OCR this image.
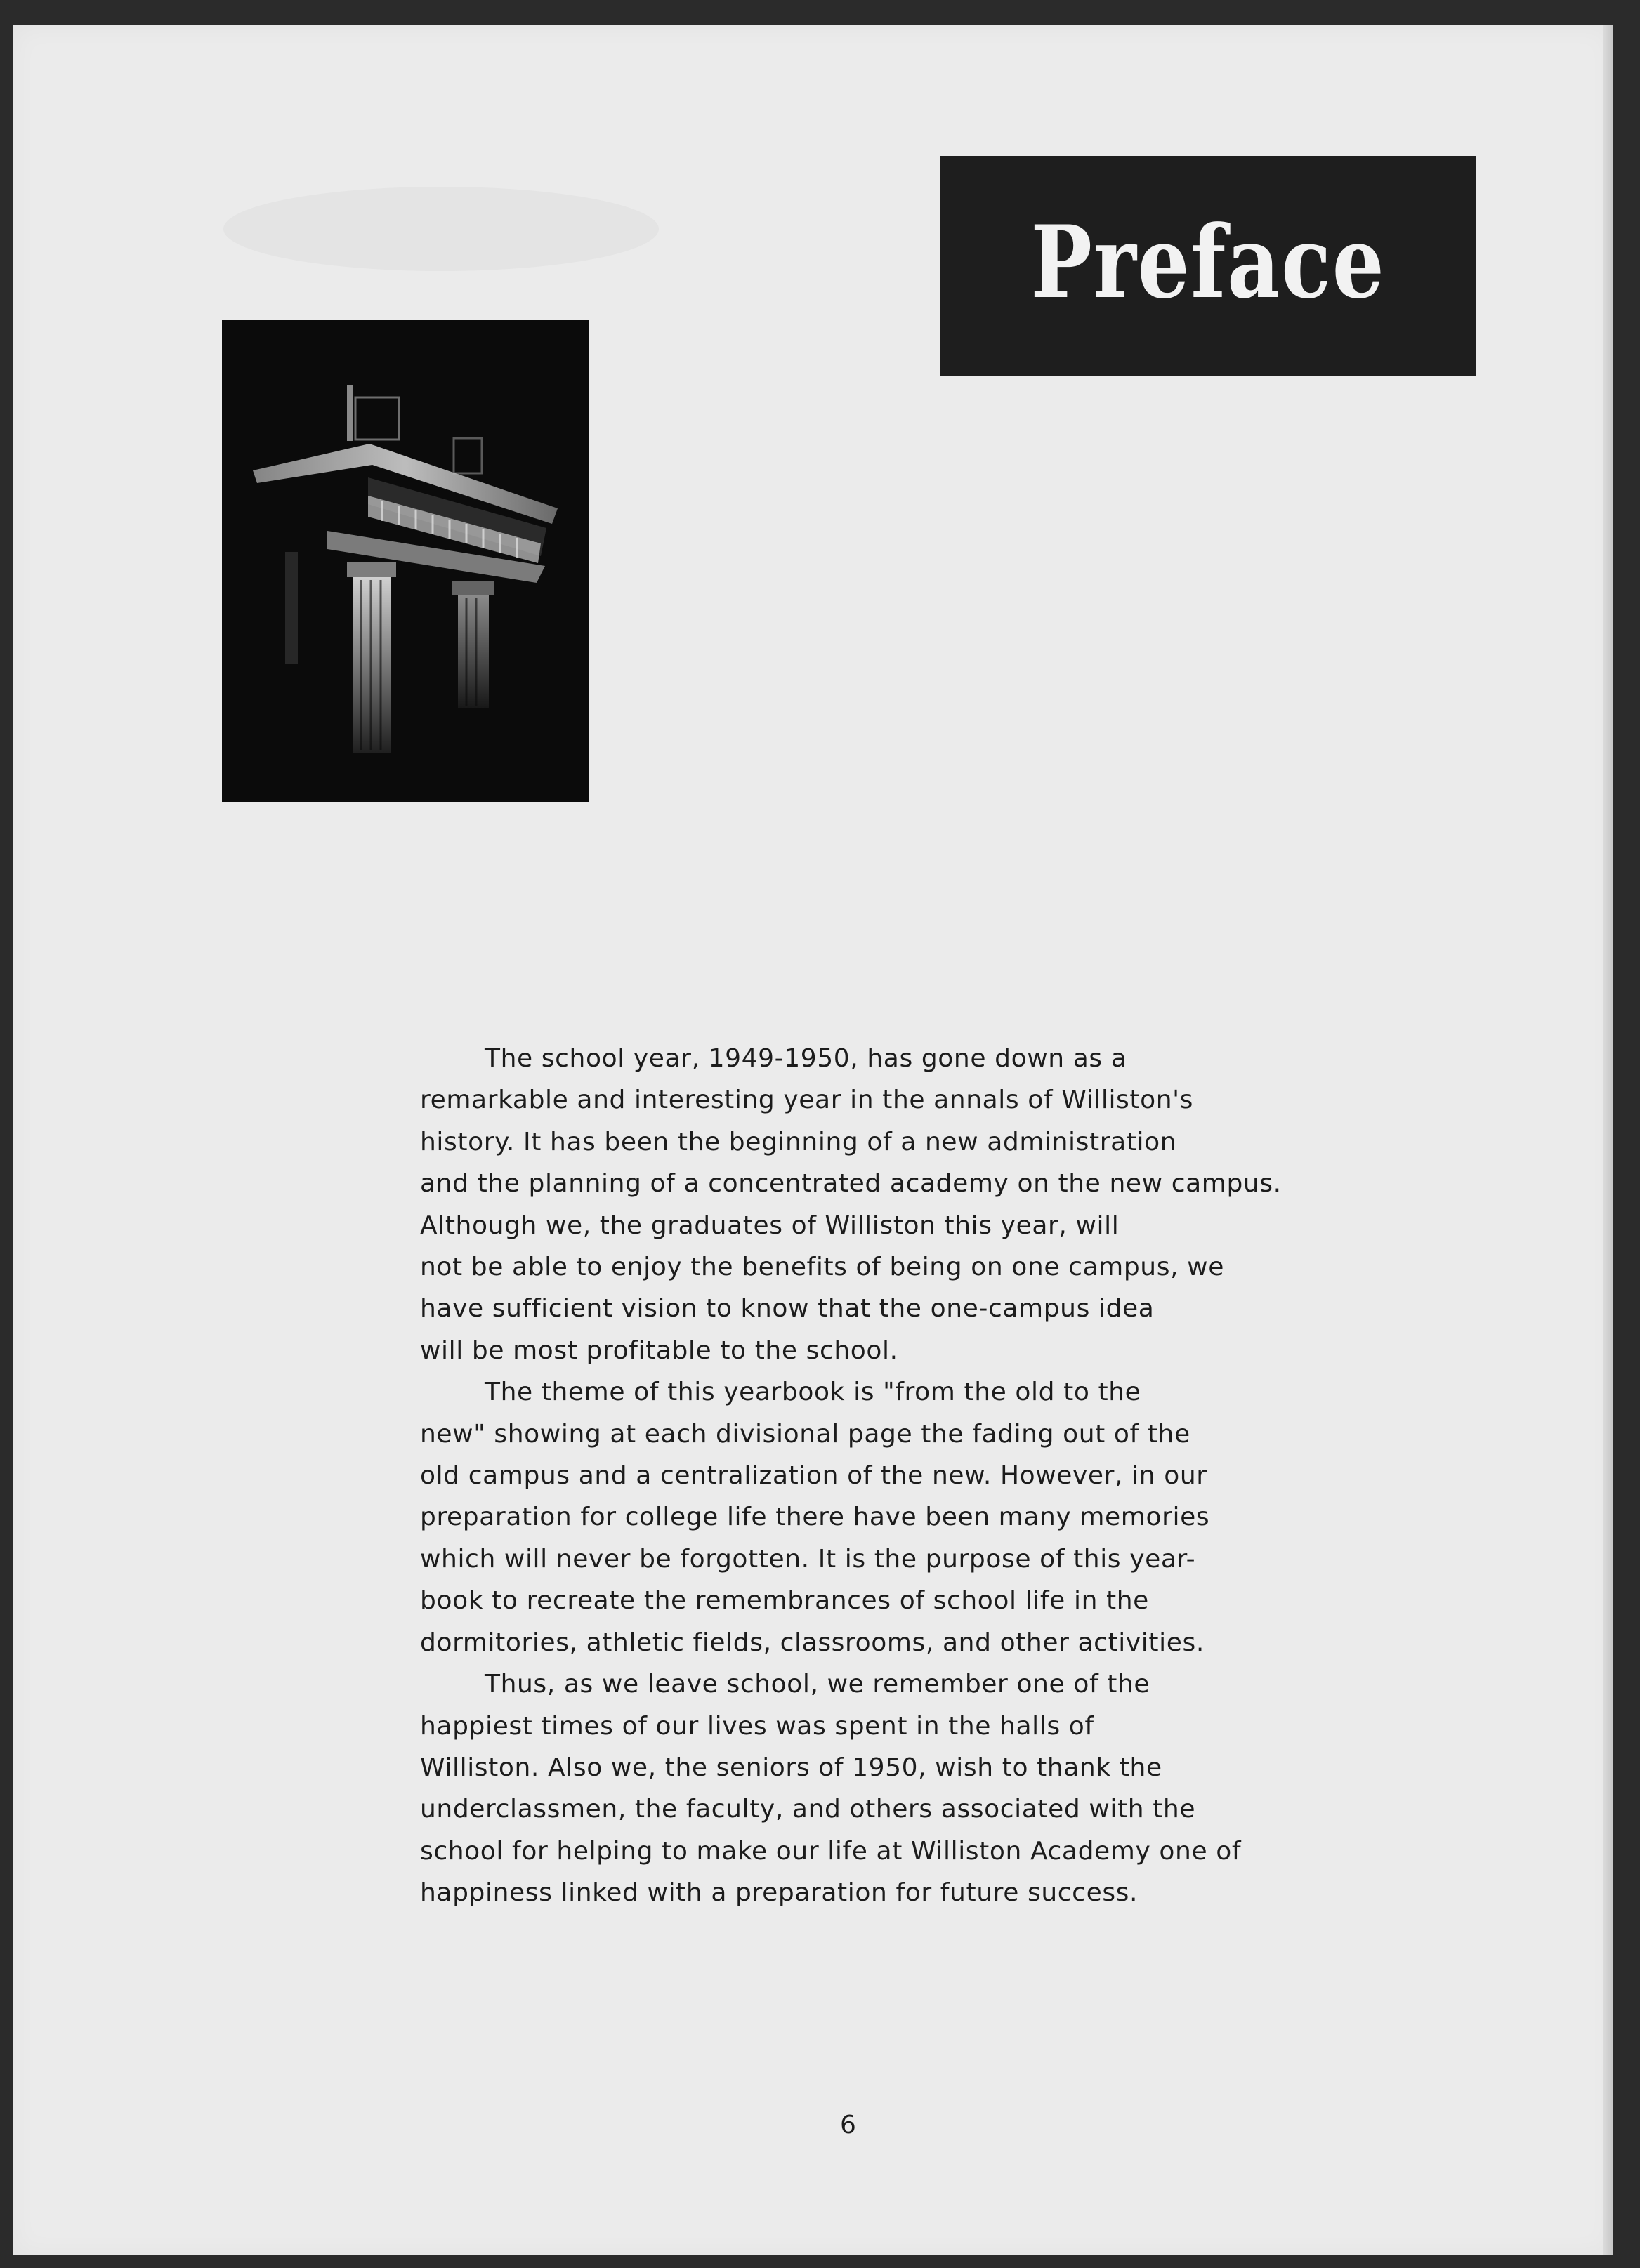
Preface
The school year, 1949-1950, has gone down as a
remarkable and interesting year in the annals of Williston's
history. It has been the beginning of a new administration
and the planning of a concentrated academy on the new campus.
Although we, the graduates of Williston this year, will
not be able to enjoy the benefits of being on one campus, we
have sufficient vision to know that the one-campus idea
will be most profitable to the school.
The theme of this yearbook is "from the old to the
new" showing at each divisional page the fading out of the
old campus and a centralization of the new. However, in our
preparation for college life there have been many memories
which will never be forgotten. It is the purpose of this year-
book to recreate the remembrances of school life in the
dormitories, athletic fields, classrooms, and other activities.
Thus, as we leave school, we remember one of the
happiest times of our lives was spent in the halls of
Williston. Also we, the seniors of 1950, wish to thank the
underclassmen, the faculty, and others associated with the
school for helping to make our life at Williston Academy one of
happiness linked with a preparation for future success.
6
